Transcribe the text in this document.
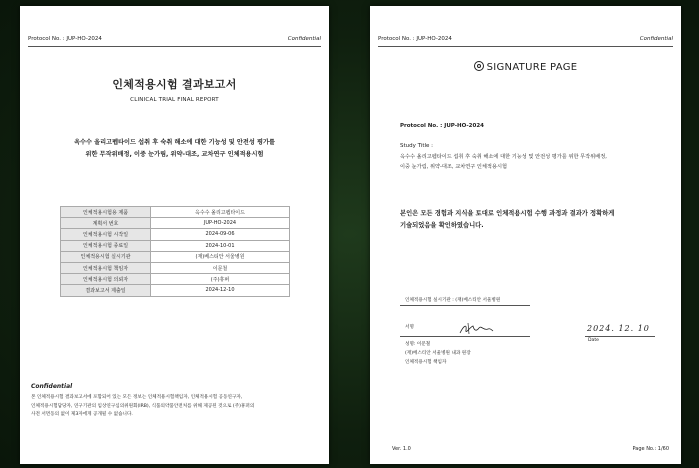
Protocol No. : JUP-HO-2024	Confidential
인체적용시험 결과보고서
CLINICAL TRIAL FINAL REPORT
옥수수 올리고펩타이드 섭취 후 숙취 해소에 대한 기능성 및 안전성 평가를
위한 무작위배정, 이중 눈가림, 위약-대조, 교차연구 인체적용시험
인체적용시험용 제품	옥수수 올리고펩타이드
계획서 번호	JUP-HO-2024
인체적용시험 시작일	2024-09-06
인체적용시험 종료일	2024-10-01
인체적용시험 실시기관	(재)베스티안 서울병원
인체적용시험 책임자	이문철
인체적용시험 의뢰자	(주)휴퍼
결과보고서 제출일	2024-12-10
Confidential
본 인체적용시험 결과보고서에 포함되어 있는 모든 정보는 인체적용시험책임자, 인체적용시험 공동연구자,
인체적용시험담당자, 연구기관의 임상연구심의위원회(IRB), 식품의약품안전처를 위해 제공된 것으로 (주)휴퍼의
사전 서면동의 없이 제3자에게 공개될 수 없습니다.
Protocol No. : JUP-HO-2024	Confidential
SIGNATURE PAGE
Protocol No. : JUP-HO-2024
Study Title :
옥수수 올리고펩타이드 섭취 후 숙취 해소에 대한 기능성 및 안전성 평가를 위한 무작위배정,
이중 눈가림, 위약-대조, 교차연구 인체적용시험
본인은 모든 경험과 지식을 토대로 인체적용시험 수행 과정과 결과가 정확하게
기술되었음을 확인하였습니다.
인체적용시험 실시기관 : (재)베스티안 서울병원
서명	2024. 12. 10
Date
성명: 이문철
(재)베스티안 서울병원 내과 원장
인체적용시험 책임자
Ver. 1.0	Page No.: 1/60
